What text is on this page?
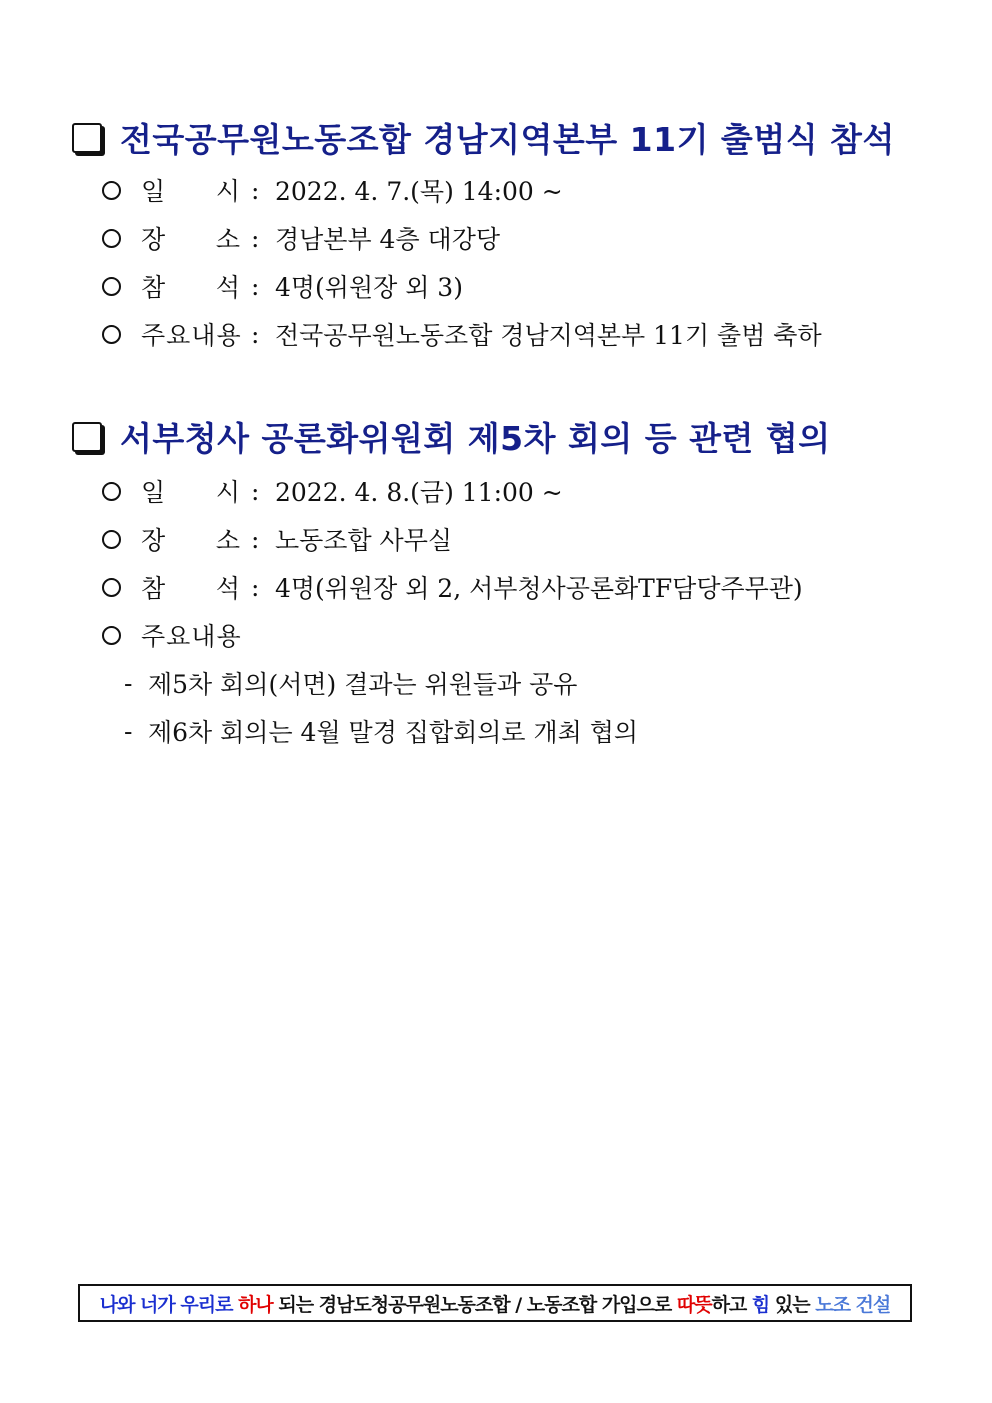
전국공무원노동조합 경남지역본부 11기 출범식 참석
일 시 : 2022. 4. 7.(목) 14:00 ~
장 소 : 경남본부 4층 대강당
참 석 : 4명(위원장 외 3)
주요내용 : 전국공무원노동조합 경남지역본부 11기 출범 축하
서부청사 공론화위원회 제5차 회의 등 관련 협의
일 시 : 2022. 4. 8.(금) 11:00 ~
장 소 : 노동조합 사무실
참 석 : 4명(위원장 외 2, 서부청사공론화TF담당주무관)
주요내용
- 제5차 회의(서면) 결과는 위원들과 공유
- 제6차 회의는 4월 말경 집합회의로 개최 협의
나와 너가 우리로 하나 되는 경남도청공무원노동조합 / 노동조합 가입으로 따뜻 하고 힘 있는 노조 건설
